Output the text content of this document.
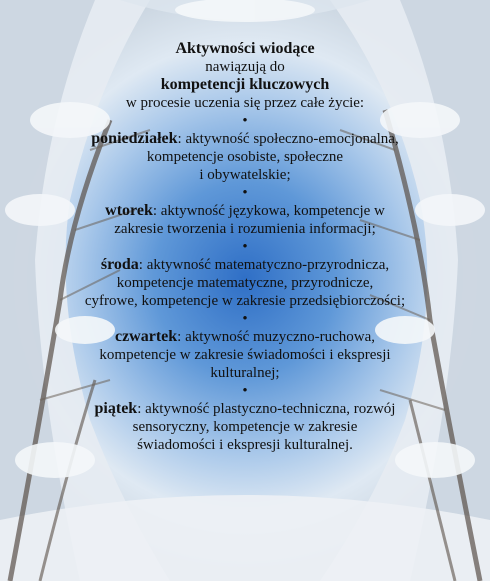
Aktywności wiodące
nawiązują do
kompetencji kluczowych
w procesie uczenia się przez całe życie:
•
poniedziałek: aktywność społeczno-emocjonalna,
kompetencje osobiste, społeczne
i obywatelskie;
•
wtorek: aktywność językowa, kompetencje w
zakresie tworzenia i rozumienia informacji;
•
środa: aktywność matematyczno-przyrodnicza,
kompetencje matematyczne, przyrodnicze,
cyfrowe, kompetencje w zakresie przedsiębiorczości;
•
czwartek: aktywność muzyczno-ruchowa,
kompetencje w zakresie świadomości i ekspresji
kulturalnej;
•
piątek: aktywność plastyczno-techniczna, rozwój
sensoryczny, kompetencje w zakresie
świadomości i ekspresji kulturalnej.
